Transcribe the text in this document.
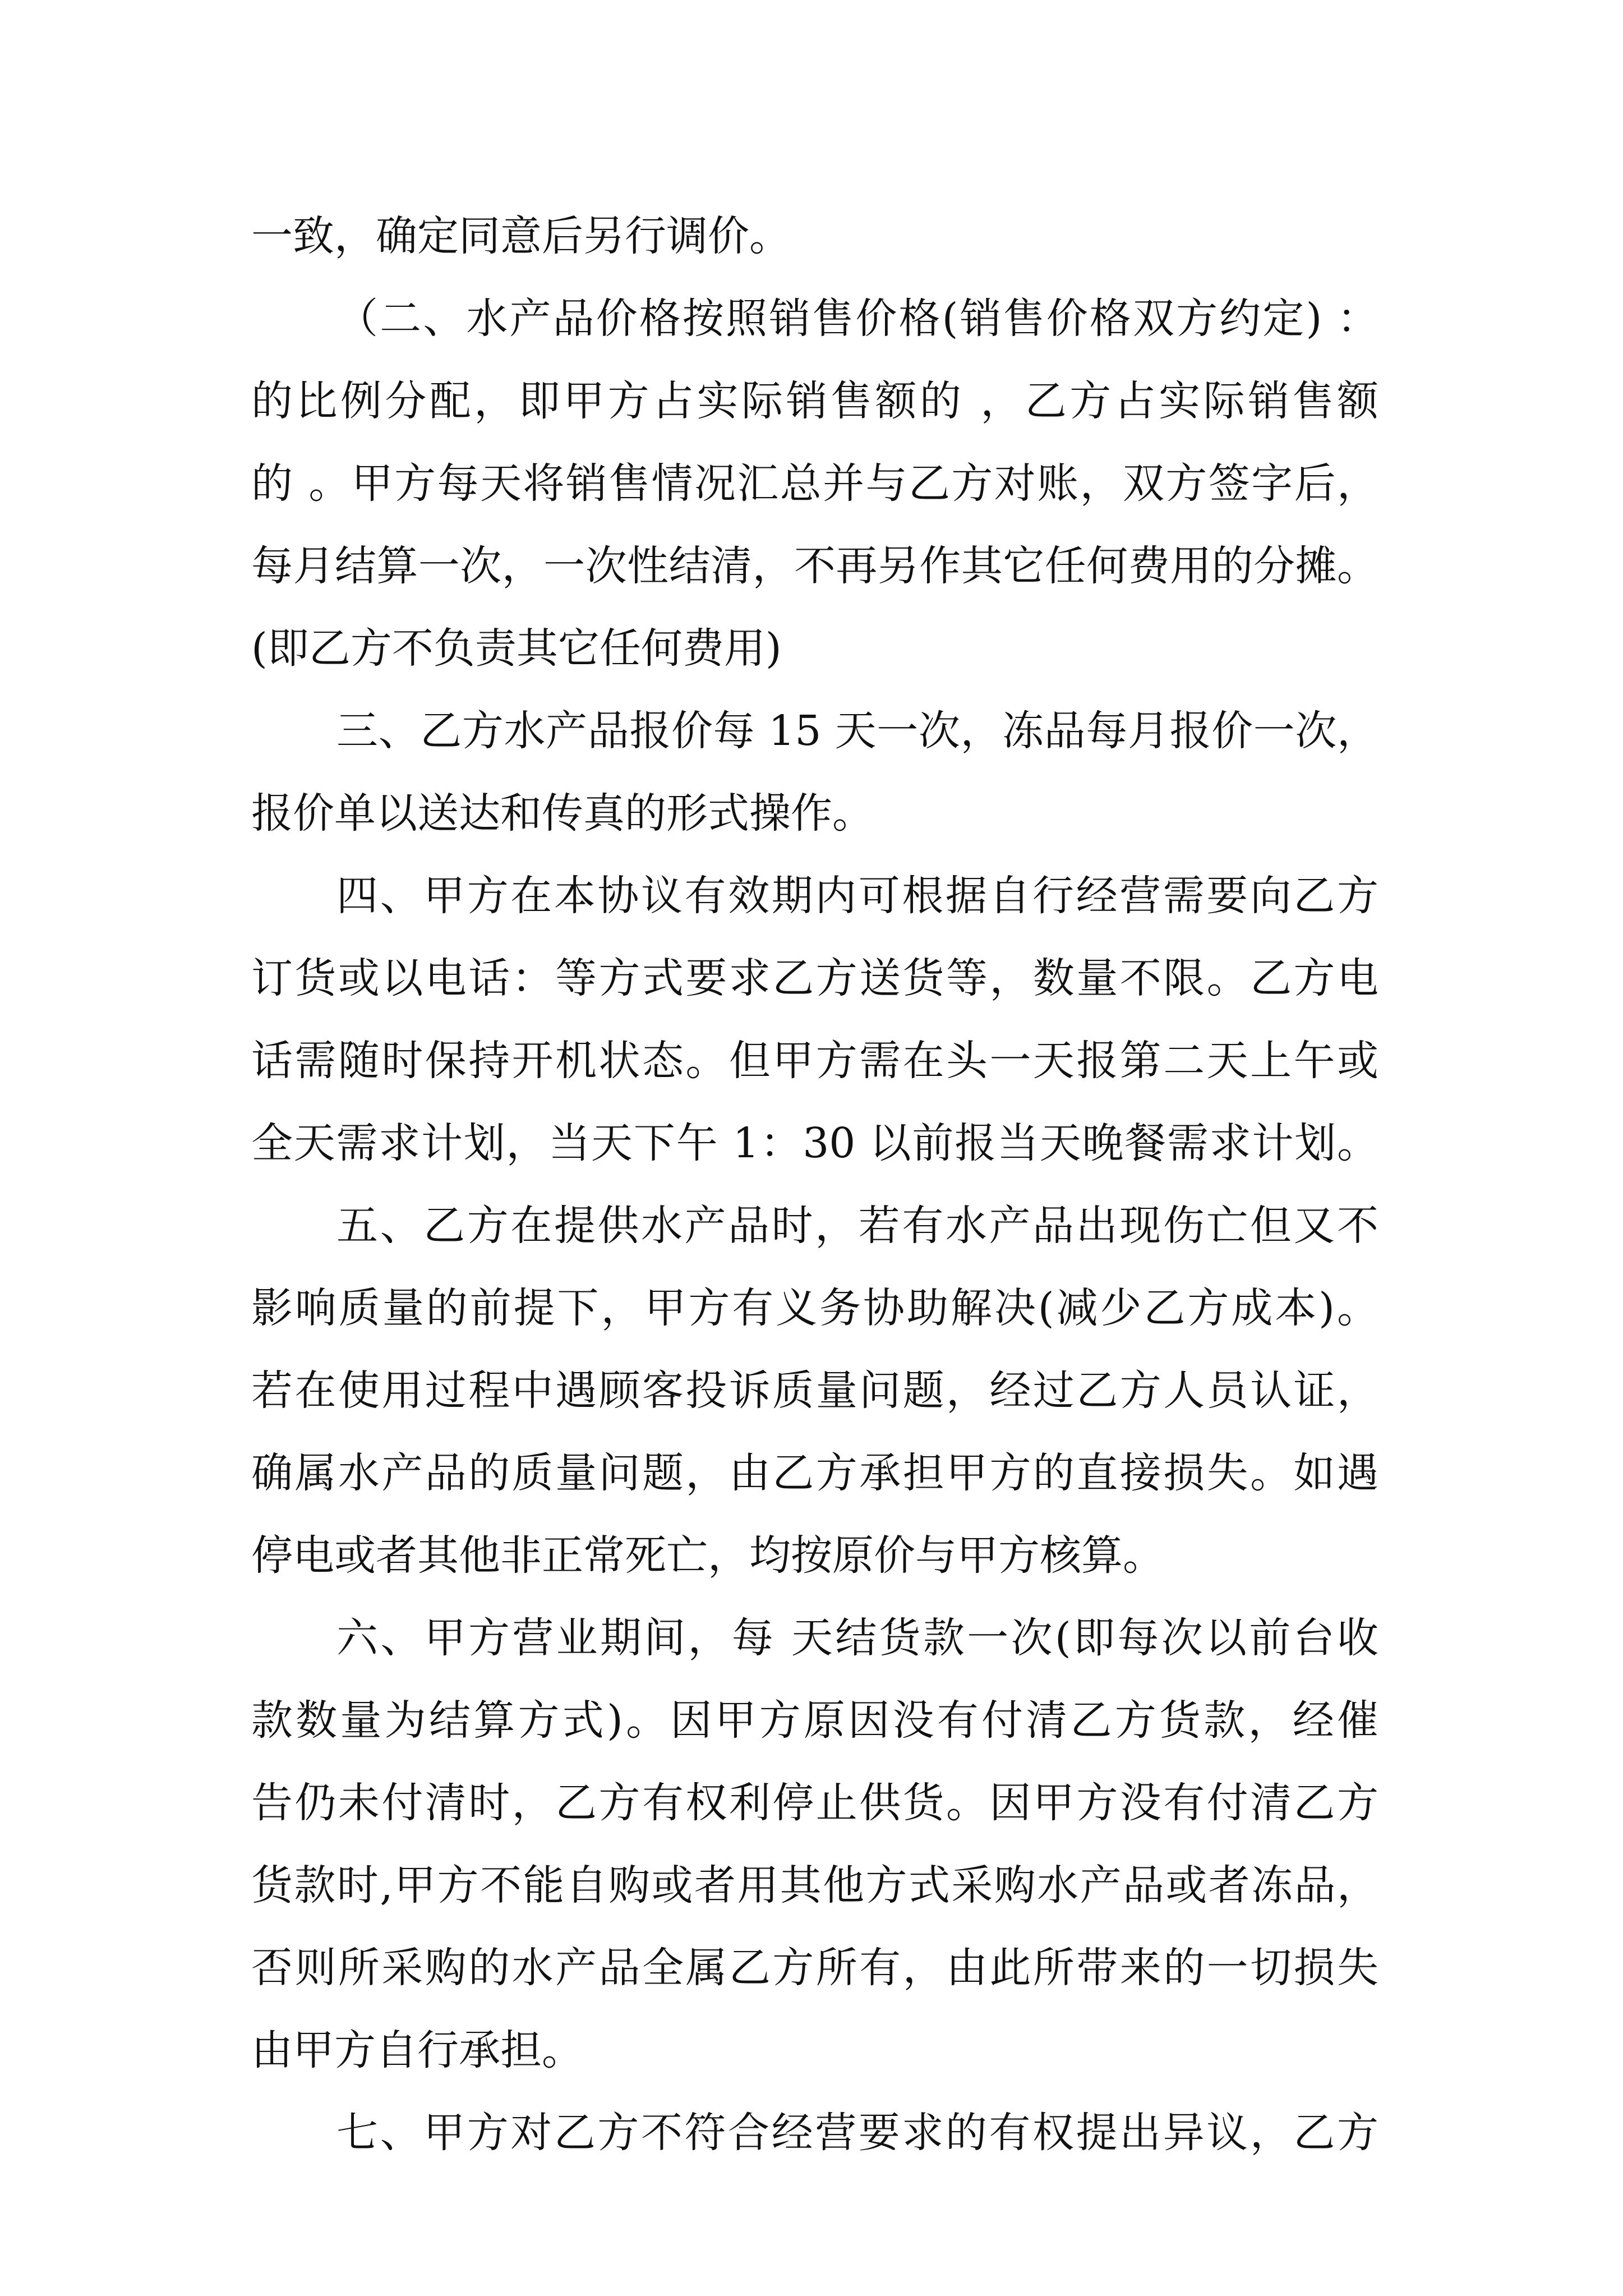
一致，确定同意后另行调价。
（二、水产品价格按照销售价格(销售价格双方约定) ：
的比例分配，即甲方占实际销售额的 ，乙方占实际销售额
的 。甲方每天将销售情况汇总并与乙方对账，双方签字后，
每月结算一次，一次性结清，不再另作其它任何费用的分摊。
(即乙方不负责其它任何费用)
三、乙方水产品报价每 15 天一次，冻品每月报价一次，
报价单以送达和传真的形式操作。
四、甲方在本协议有效期内可根据自行经营需要向乙方
订货或以电话：等方式要求乙方送货等，数量不限。乙方电
话需随时保持开机状态。但甲方需在头一天报第二天上午或
全天需求计划，当天下午 1：30 以前报当天晚餐需求计划。
五、乙方在提供水产品时，若有水产品出现伤亡但又不
影响质量的前提下，甲方有义务协助解决(减少乙方成本)。
若在使用过程中遇顾客投诉质量问题，经过乙方人员认证，
确属水产品的质量问题，由乙方承担甲方的直接损失。如遇
停电或者其他非正常死亡，均按原价与甲方核算。
六、甲方营业期间，每 天结货款一次(即每次以前台收
款数量为结算方式)。因甲方原因没有付清乙方货款，经催
告仍未付清时，乙方有权利停止供货。因甲方没有付清乙方
货款时,甲方不能自购或者用其他方式采购水产品或者冻品，
否则所采购的水产品全属乙方所有，由此所带来的一切损失
由甲方自行承担。
七、甲方对乙方不符合经营要求的有权提出异议，乙方
